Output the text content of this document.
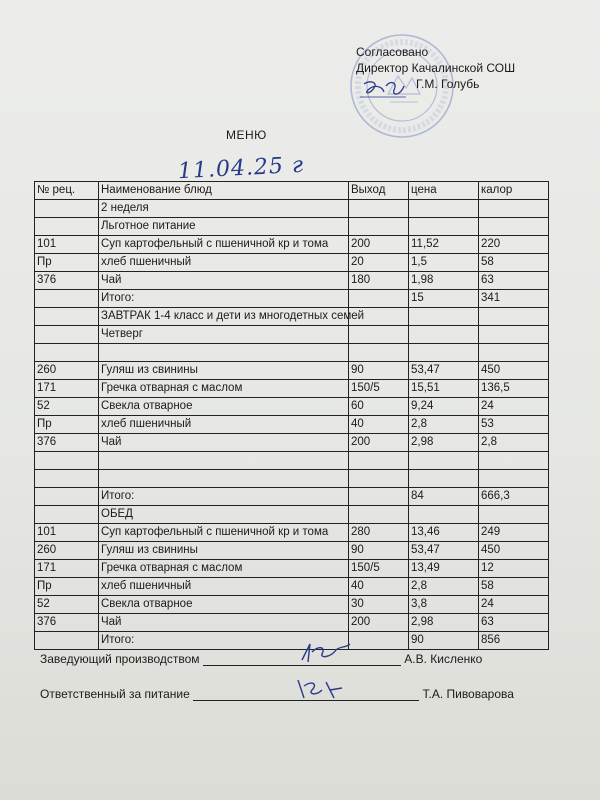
Согласовано
Директор Качалинской СОШ
Г.М. Голубь
МЕНЮ
11.04.25 г
№ рец.	Наименование блюд	Выход	цена	калор
	2 неделя			
	Льготное питание			
101	Суп картофельный с пшеничной кр и тома	200	11,52	220
Пр	хлеб пшеничный	20	1,5	58
376	Чай	180	1,98	63
	Итого:		15	341
	ЗАВТРАК 1-4 класс и дети из многодетных семей			
	Четверг			

260	Гуляш из свинины	90	53,47	450
171	Гречка отварная с маслом	150/5	15,51	136,5
52	Свекла отварное	60	9,24	24
Пр	хлеб пшеничный	40	2,8	53
376	Чай	200	2,98	2,8

	Итого:		84	666,3
	ОБЕД			
101	Суп картофельный с пшеничной кр и тома	280	13,46	249
260	Гуляш из свинины	90	53,47	450
171	Гречка отварная с маслом	150/5	13,49	12
Пр	хлеб пшеничный	40	2,8	58
52	Свекла отварное	30	3,8	24
376	Чай	200	2,98	63
	Итого:		90	856
Заведующий производством	А.В. Кисленко
Ответственный за питание	Т.А. Пивоварова
